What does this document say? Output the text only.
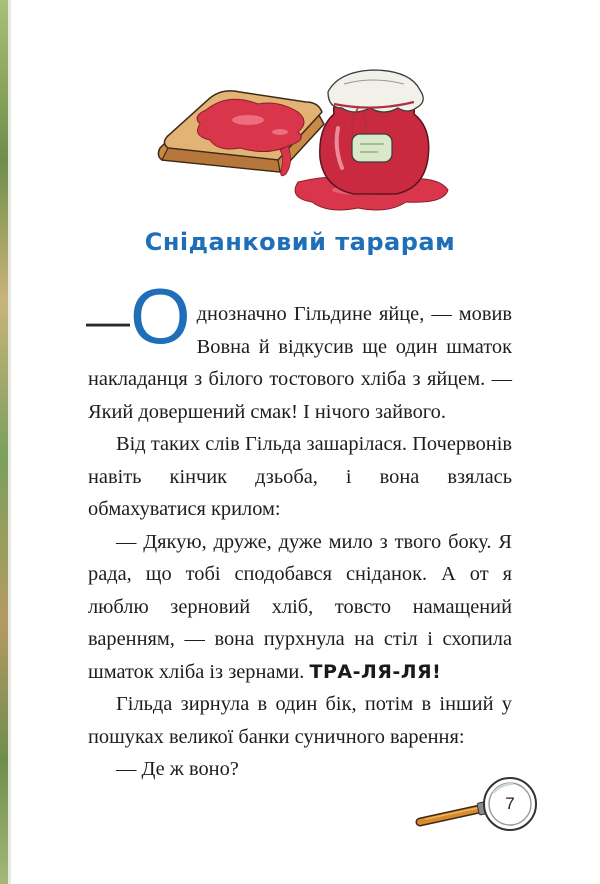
Сніданковий тарарам

—О днозначно Гільдине яйце, — мовив Вовна й відкусив ще один шматок накладанця з білого тостового хліба з яйцем. — Який довершений смак! І нічого зайвого.

Від таких слів Гільда зашарілася. Почервонів навіть кінчик дзьоба, і вона взялась обмахуватися крилом:

— Дякую, друже, дуже мило з твого боку. Я рада, що тобі сподобався сніданок. А от я люблю зерновий хліб, товсто намащений варенням, — вона пурхнула на стіл і схопила шматок хліба із зернами. ТРА-ЛЯ-ЛЯ!

Гільда зирнула в один бік, потім в інший у пошуках великої банки суничного варення:

— Де ж воно?

7
